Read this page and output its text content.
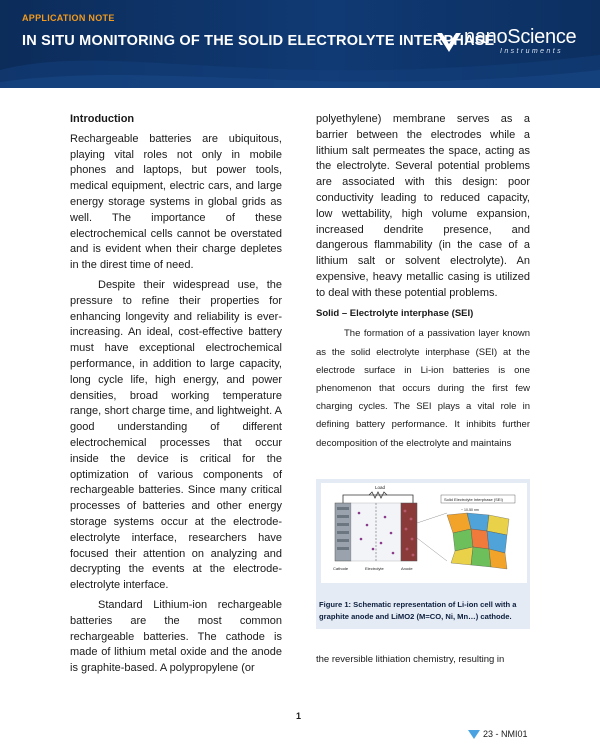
APPLICATION NOTE
IN SITU MONITORING OF THE SOLID ELECTROLYTE INTERPHASE
nanoScience
Instruments

Introduction

Rechargeable batteries are ubiquitous, playing vital roles not only in mobile phones and laptops, but power tools, medical equipment, electric cars, and large energy storage systems in global grids as well. The importance of these electrochemical cells cannot be overstated and is evident when their charge depletes in the direst time of need.

Despite their widespread use, the pressure to refine their properties for enhancing longevity and reliability is ever-increasing. An ideal, cost-effective battery must have exceptional electrochemical performance, in addition to large capacity, long cycle life, high energy, and power densities, broad working temperature range, short charge time, and lightweight. A good understanding of different electrochemical processes that occur inside the device is critical for the optimization of various components of rechargeable batteries. Since many critical processes of batteries and other energy storage systems occur at the electrode-electrolyte interface, researchers have focused their attention on analyzing and decrypting the events at the electrode-electrolyte interface.

Standard Lithium-ion rechargeable batteries are the most common rechargeable batteries. The cathode is made of lithium metal oxide and the anode is graphite-based. A polypropylene (or

polyethylene) membrane serves as a barrier between the electrodes while a lithium salt permeates the space, acting as the electrolyte. Several potential problems are associated with this design: poor conductivity leading to reduced capacity, low wettability, high volume expansion, increased dendrite presence, and dangerous flammability (in the case of a lithium salt or solvent electrolyte). An expensive, heavy metallic casing is utilized to deal with these potential problems.

Solid – Electrolyte interphase (SEI)

The formation of a passivation layer known as the solid electrolyte interphase (SEI) at the electrode surface in Li-ion batteries is one phenomenon that occurs during the first few charging cycles. The SEI plays a vital role in defining battery performance. It inhibits further decomposition of the electrolyte and maintains

Load
Cathode	Electrolyte	Anode
Solid Electrolyte Interphase (SEI)
~ 10-50 nm
Figure 1: Schematic representation of Li-ion cell with a graphite anode and LiMO2 (M=CO, Ni, Mn…) cathode.
the reversible lithiation chemistry, resulting in
1
23 - NMI01
